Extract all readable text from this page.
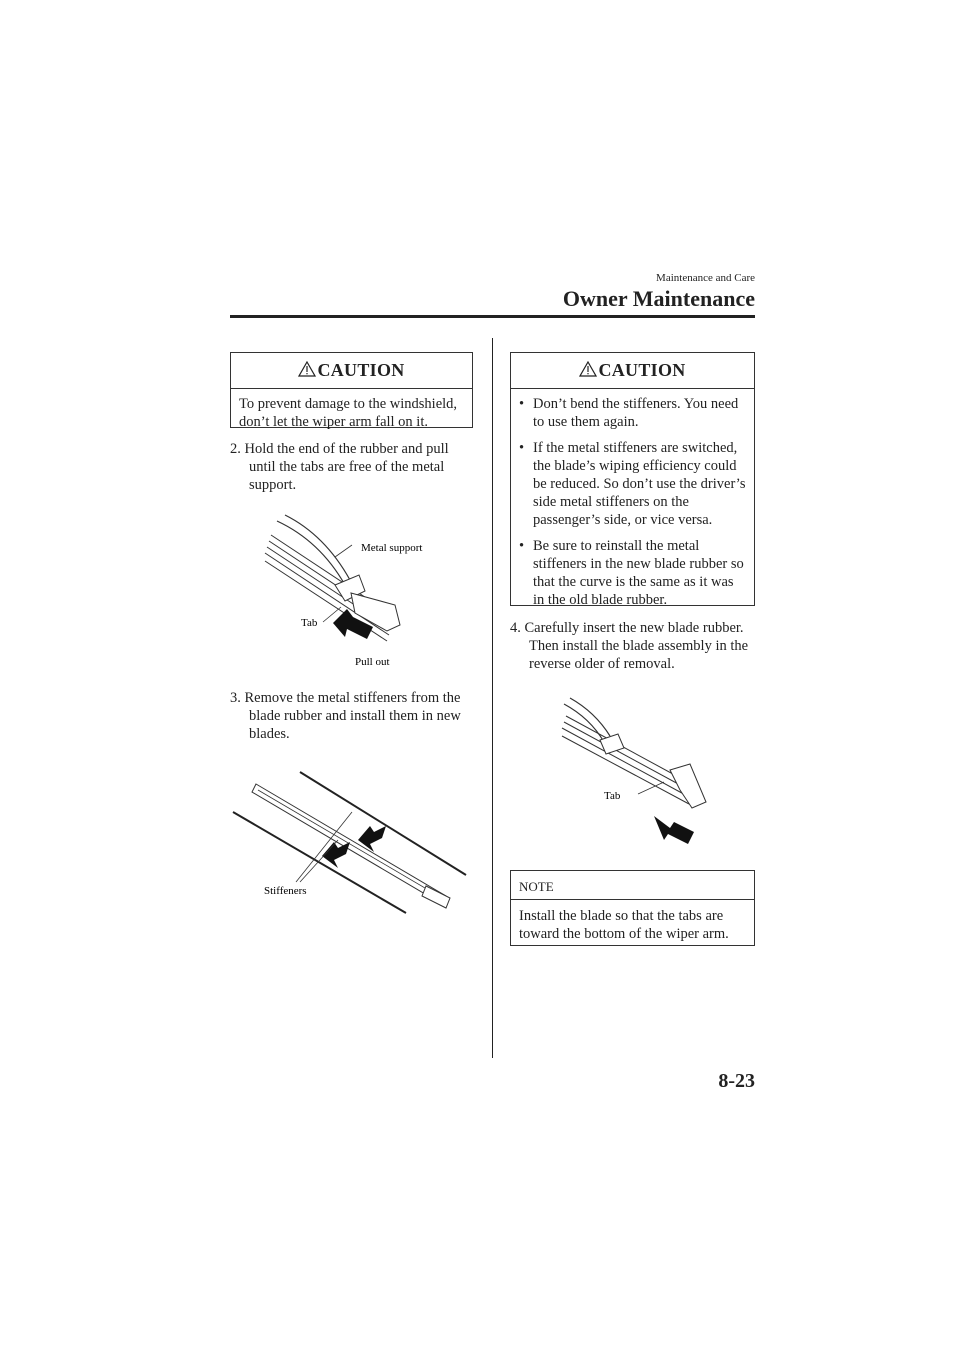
Maintenance and Care
Owner Maintenance
CAUTION
To prevent damage to the windshield, don’t let the wiper arm fall on it.
2. Hold the end of the rubber and pull
until the tabs are free of the metal
support.
Metal support
Tab
Pull out
3. Remove the metal stiffeners from the
blade rubber and install them in new
blades.
Stiffeners
CAUTION
• Don’t bend the stiffeners. You need to use them again.
• If the metal stiffeners are switched, the blade’s wiping efficiency could be reduced. So don’t use the driver’s side metal stiffeners on the passenger’s side, or vice versa.
• Be sure to reinstall the metal stiffeners in the new blade rubber so that the curve is the same as it was in the old blade rubber.
4. Carefully insert the new blade rubber.
Then install the blade assembly in the
reverse older of removal.
Tab
NOTE
Install the blade so that the tabs are toward the bottom of the wiper arm.
8-23
